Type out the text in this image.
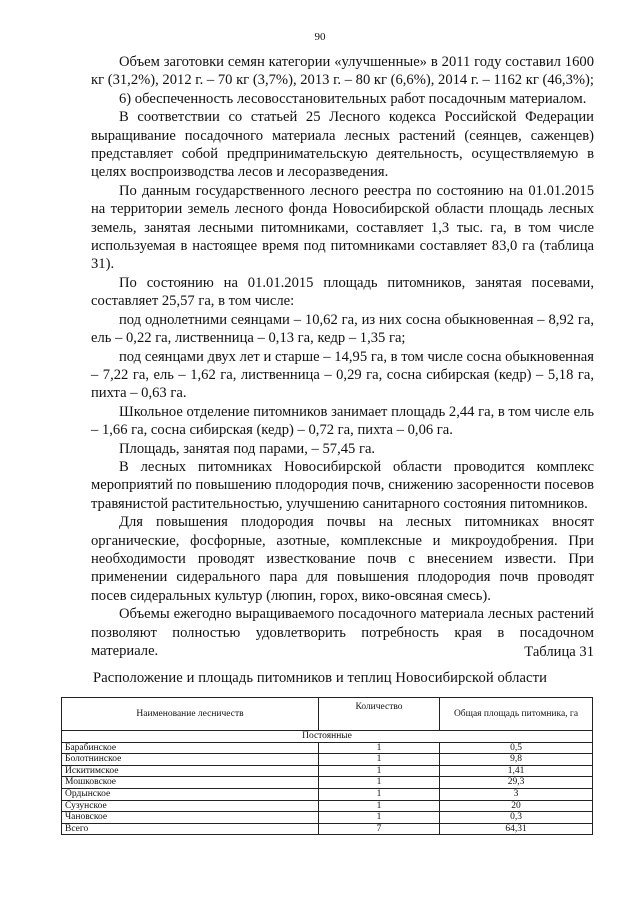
90

Объем заготовки семян категории «улучшенные» в 2011 году составил 1600 кг (31,2%), 2012 г. – 70 кг (3,7%), 2013 г. – 80 кг (6,6%), 2014 г. – 1162 кг (46,3%);

6) обеспеченность лесовосстановительных работ посадочным материалом.

В соответствии со статьей 25 Лесного кодекса Российской Федерации выращивание посадочного материала лесных растений (сеянцев, саженцев) представляет собой предпринимательскую деятельность, осуществляемую в целях воспроизводства лесов и лесоразведения.

По данным государственного лесного реестра по состоянию на 01.01.2015 на территории земель лесного фонда Новосибирской области площадь лесных земель, занятая лесными питомниками, составляет 1,3 тыс. га, в том числе используемая в настоящее время под питомниками составляет 83,0 га (таблица 31).

По состоянию на 01.01.2015 площадь питомников, занятая посевами, составляет 25,57 га, в том числе:

под однолетними сеянцами – 10,62 га, из них сосна обыкновенная – 8,92 га, ель – 0,22 га, лиственница – 0,13 га, кедр – 1,35 га;

под сеянцами двух лет и старше – 14,95 га, в том числе сосна обыкновенная – 7,22 га, ель – 1,62 га, лиственница – 0,29 га, сосна сибирская (кедр) – 5,18 га, пихта – 0,63 га.

Школьное отделение питомников занимает площадь 2,44 га, в том числе ель – 1,66 га, сосна сибирская (кедр) – 0,72 га, пихта – 0,06 га.

Площадь, занятая под парами, – 57,45 га.

В лесных питомниках Новосибирской области проводится комплекс мероприятий по повышению плодородия почв, снижению засоренности посевов травянистой растительностью, улучшению санитарного состояния питомников.

Для повышения плодородия почвы на лесных питомниках вносят органические, фосфорные, азотные, комплексные и микроудобрения. При необходимости проводят известкование почв с внесением извести. При применении сидерального пара для повышения плодородия почв проводят посев сидеральных культур (люпин, горох, вико-овсяная смесь).

Объемы ежегодно выращиваемого посадочного материала лесных растений позволяют полностью удовлетворить потребность края в посадочном материале.	Таблица 31
Расположение и площадь питомников и теплиц Новосибирской области
Наименование лесничеств	Количество	Общая площадь питомника, га
Постоянные		
Барабинское	1	0,5
Болотнинское	1	9,8
Искитимское	1	1,41
Мошковское	1	29,3
Ордынское	1	3
Сузунское	1	20
Чановское	1	0,3
Всего	7	64,31
